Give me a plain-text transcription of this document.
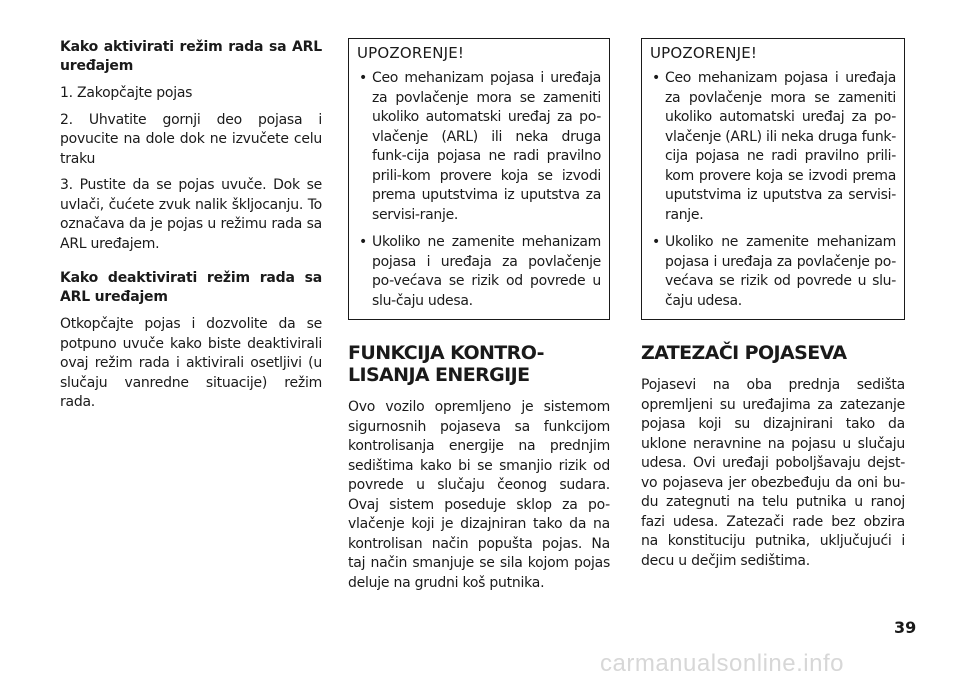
Kako aktivirati režim rada sa ARL uređajem

1. Zakopčajte pojas

2. Uhvatite gornji deo pojasa i povucite na dole dok ne izvučete celu traku

3. Pustite da se pojas uvuče. Dok se uvlači, čućete zvuk nalik škljocanju. To označava da je pojas u režimu rada sa ARL uređajem.

Kako deaktivirati režim rada sa ARL uređajem

Otkopčajte pojas i dozvolite da se potpuno uvuče kako biste deaktivirali ovaj režim rada i aktivirali osetljivi (u slučaju vanredne situacije) režim rada.

UPOZORENJE!
• Ceo mehanizam pojasa i uređaja za povlačenje mora se zameniti ukoliko automatski uređaj za po-vlačenje (ARL) ili neka druga funk-cija pojasa ne radi pravilno prili-kom provere koja se izvodi prema uputstvima iz uputstva za servisi-ranje.
• Ukoliko ne zamenite mehanizam pojasa i uređaja za povlačenje po-većava se rizik od povrede u slu-čaju udesa.
FUNKCIJA KONTRO-
LISANJA ENERGIJE

Ovo vozilo opremljeno je sistemom sigurnosnih pojaseva sa funkcijom kontrolisanja energije na prednjim sedištima kako bi se smanjio rizik od povrede u slučaju čeonog sudara. Ovaj sistem poseduje sklop za po-vlačenje koji je dizajniran tako da na kontrolisan način popušta pojas. Na taj način smanjuje se sila kojom pojas deluje na grudni koš putnika.

UPOZORENJE!
• Ceo mehanizam pojasa i uređaja za povlačenje mora se zameniti ukoliko automatski uređaj za po-vlačenje (ARL) ili neka druga funk-cija pojasa ne radi pravilno prili-kom provere koja se izvodi prema uputstvima iz uputstva za servisi-ranje.
• Ukoliko ne zamenite mehanizam pojasa i uređaja za povlačenje po-većava se rizik od povrede u slu-čaju udesa.
ZATEZAČI POJASEVA

Pojasevi na oba prednja sedišta opremljeni su uređajima za zatezanje pojasa koji su dizajnirani tako da uklone neravnine na pojasu u slučaju udesa. Ovi uređaji poboljšavaju dejst-vo pojaseva jer obezbeđuju da oni bu-du zategnuti na telu putnika u ranoj fazi udesa. Zatezači rade bez obzira na konstituciju putnika, uključujući i decu u dečjim sedištima.

39
carmanualsonline.info
